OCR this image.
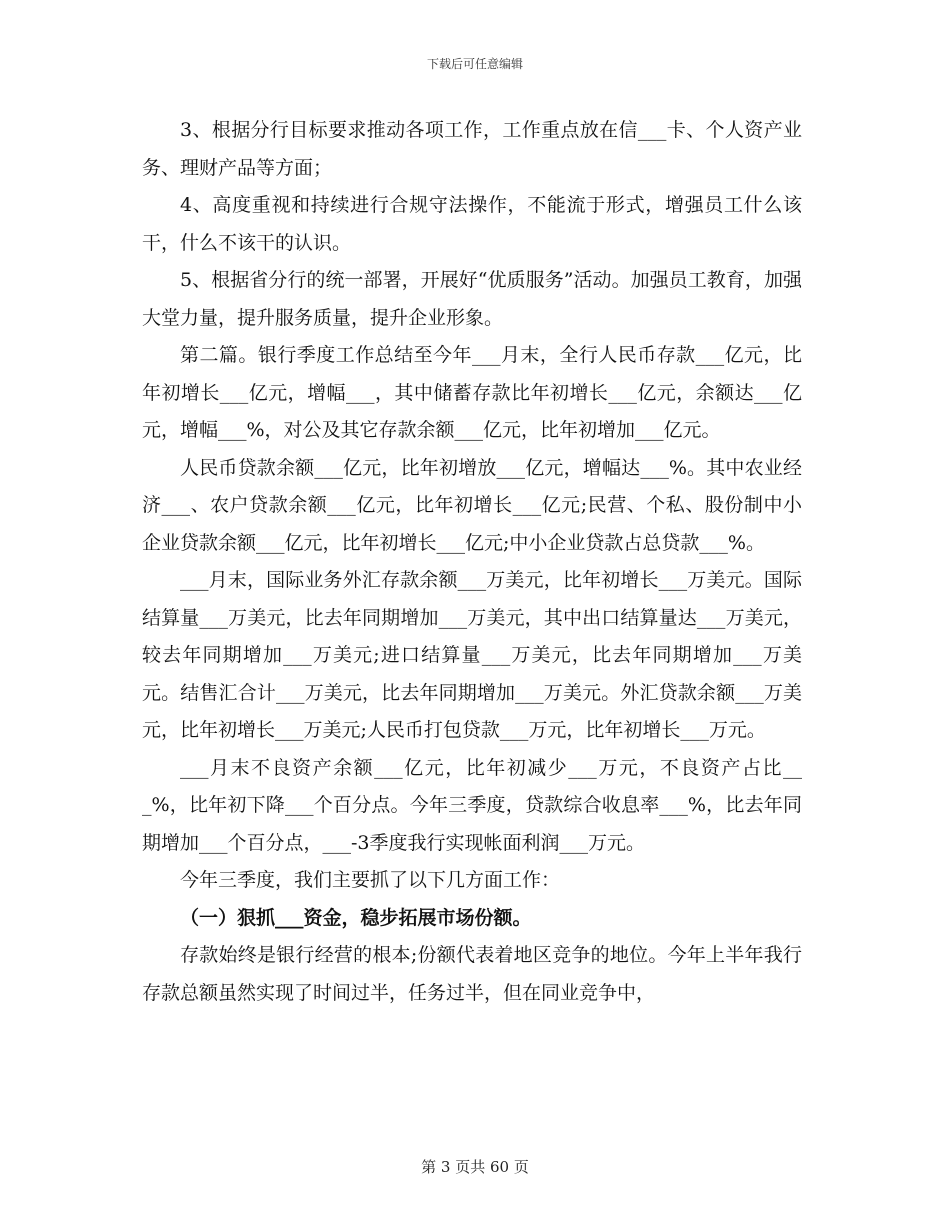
下载后可任意编辑

3、根据分行目标要求推动各项工作，工作重点放在信___卡、个人资产业务、理财产品等方面；

4、高度重视和持续进行合规守法操作，不能流于形式，增强员工什么该干，什么不该干的认识。

5、根据省分行的统一部署，开展好“优质服务”活动。加强员工教育，加强大堂力量，提升服务质量，提升企业形象。

第二篇。银行季度工作总结至今年___月末，全行人民币存款___亿元，比年初增长___亿元，增幅___，其中储蓄存款比年初增长___亿元，余额达___亿元，增幅___%，对公及其它存款余额___亿元，比年初增加___亿元。

人民币贷款余额___亿元，比年初增放___亿元，增幅达___%。其中农业经济___、农户贷款余额___亿元，比年初增长___亿元;民营、个私、股份制中小企业贷款余额___亿元，比年初增长___亿元;中小企业贷款占总贷款___%。

___月末，国际业务外汇存款余额___万美元，比年初增长___万美元。国际结算量___万美元，比去年同期增加___万美元，其中出口结算量达___万美元，较去年同期增加___万美元;进口结算量___万美元，比去年同期增加___万美元。结售汇合计___万美元，比去年同期增加___万美元。外汇贷款余额___万美元，比年初增长___万美元;人民币打包贷款___万元，比年初增长___万元。

___月末不良资产余额___亿元，比年初减少___万元，不良资产占比___%，比年初下降___个百分点。今年三季度，贷款综合收息率___%，比去年同期增加___个百分点，___-3季度我行实现帐面利润___万元。

今年三季度，我们主要抓了以下几方面工作：

（一）狠抓___资金，稳步拓展市场份额。

存款始终是银行经营的根本;份额代表着地区竞争的地位。今年上半年我行存款总额虽然实现了时间过半，任务过半，但在同业竞争中，

第 3 页共 60 页
